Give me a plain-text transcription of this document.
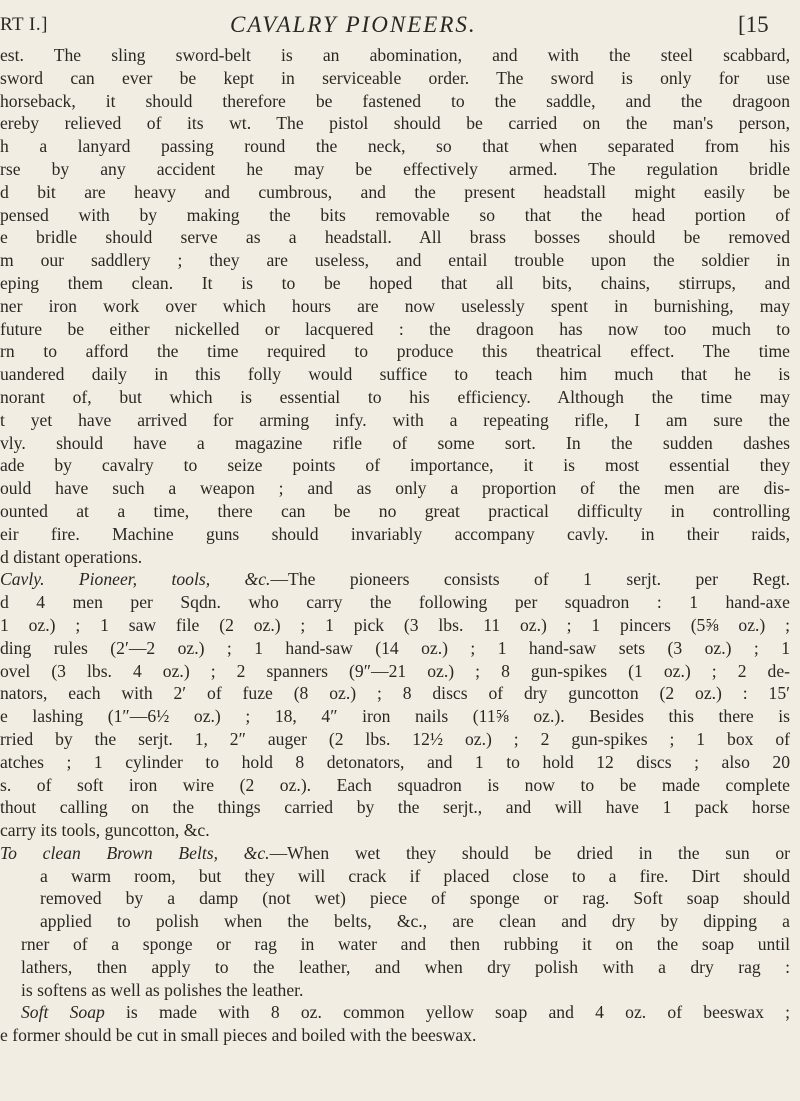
RT I.]	CAVALRY PIONEERS.	[15
est. The sling sword-belt is an abomination, and with the steel scabbard,
sword can ever be kept in serviceable order. The sword is only for use
horseback, it should therefore be fastened to the saddle, and the dragoon
ereby relieved of its wt. The pistol should be carried on the man's person,
h a lanyard passing round the neck, so that when separated from his
rse by any accident he may be effectively armed. The regulation bridle
d bit are heavy and cumbrous, and the present headstall might easily be
pensed with by making the bits removable so that the head portion of
e bridle should serve as a headstall. All brass bosses should be removed
m our saddlery ; they are useless, and entail trouble upon the soldier in
eping them clean. It is to be hoped that all bits, chains, stirrups, and
ner iron work over which hours are now uselessly spent in burnishing, may
future be either nickelled or lacquered : the dragoon has now too much to
rn to afford the time required to produce this theatrical effect. The time
uandered daily in this folly would suffice to teach him much that he is
norant of, but which is essential to his efficiency. Although the time may
t yet have arrived for arming infy. with a repeating rifle, I am sure the
vly. should have a magazine rifle of some sort. In the sudden dashes
ade by cavalry to seize points of importance, it is most essential they
ould have such a weapon ; and as only a proportion of the men are dis-
ounted at a time, there can be no great practical difficulty in controlling
eir fire. Machine guns should invariably accompany cavly. in their raids,
d distant operations.
Cavly. Pioneer, tools, &c.—The pioneers consists of 1 serjt. per Regt.
d 4 men per Sqdn. who carry the following per squadron : 1 hand-axe
1 oz.) ; 1 saw file (2 oz.) ; 1 pick (3 lbs. 11 oz.) ; 1 pincers (5⅝ oz.) ;
ding rules (2′—2 oz.) ; 1 hand-saw (14 oz.) ; 1 hand-saw sets (3 oz.) ; 1
ovel (3 lbs. 4 oz.) ; 2 spanners (9″—21 oz.) ; 8 gun-spikes (1 oz.) ; 2 de-
nators, each with 2′ of fuze (8 oz.) ; 8 discs of dry guncotton (2 oz.) : 15′
e lashing (1″—6½ oz.) ; 18, 4″ iron nails (11⅝ oz.). Besides this there is
rried by the serjt. 1, 2″ auger (2 lbs. 12½ oz.) ; 2 gun-spikes ; 1 box of
atches ; 1 cylinder to hold 8 detonators, and 1 to hold 12 discs ; also 20
s. of soft iron wire (2 oz.). Each squadron is now to be made complete
thout calling on the things carried by the serjt., and will have 1 pack horse
carry its tools, guncotton, &c.
To clean Brown Belts, &c.—When wet they should be dried in the sun or
a warm room, but they will crack if placed close to a fire. Dirt should
removed by a damp (not wet) piece of sponge or rag. Soft soap should
applied to polish when the belts, &c., are clean and dry by dipping a
rner of a sponge or rag in water and then rubbing it on the soap until
lathers, then apply to the leather, and when dry polish with a dry rag :
is softens as well as polishes the leather.
Soft Soap is made with 8 oz. common yellow soap and 4 oz. of beeswax ;
e former should be cut in small pieces and boiled with the beeswax.
